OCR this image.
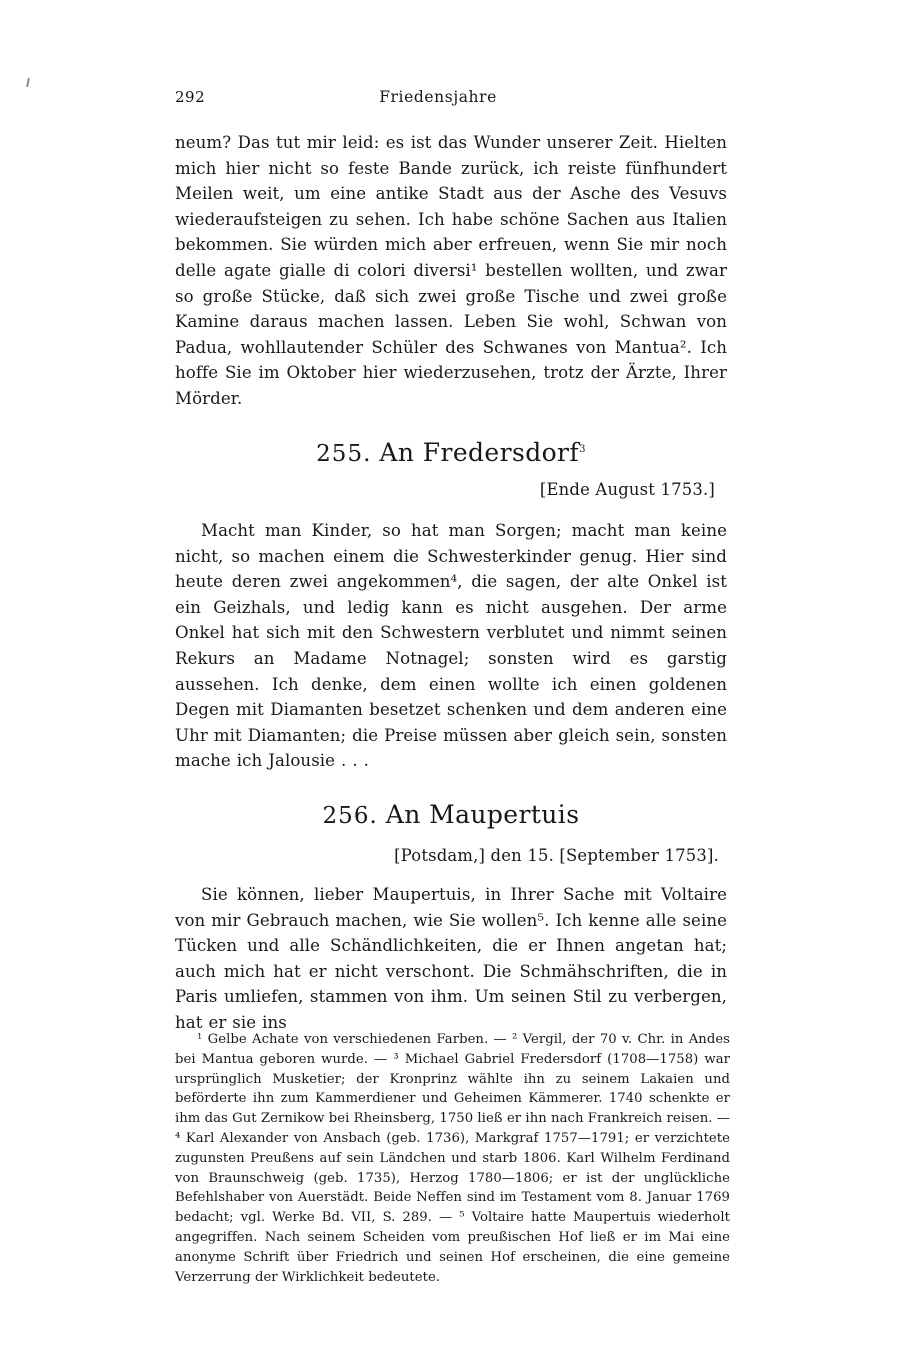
292	Friedensjahre

neum? Das tut mir leid: es ist das Wunder unserer Zeit. Hielten mich hier nicht so feste Bande zurück, ich reiste fünfhundert Meilen weit, um eine antike Stadt aus der Asche des Vesuvs wiederaufsteigen zu sehen. Ich habe schöne Sachen aus Italien bekommen. Sie würden mich aber erfreuen, wenn Sie mir noch delle agate gialle di colori diversi¹ bestellen wollten, und zwar so große Stücke, daß sich zwei große Tische und zwei große Kamine daraus machen lassen. Leben Sie wohl, Schwan von Padua, wohllautender Schüler des Schwanes von Mantua². Ich hoffe Sie im Oktober hier wiederzusehen, trotz der Ärzte, Ihrer Mörder.

255. An Fredersdorf$^3$

[Ende August 1753.]

Macht man Kinder, so hat man Sorgen; macht man keine nicht, so machen einem die Schwesterkinder genug. Hier sind heute deren zwei angekommen⁴, die sagen, der alte Onkel ist ein Geizhals, und ledig kann es nicht ausgehen. Der arme Onkel hat sich mit den Schwestern verblutet und nimmt seinen Rekurs an Madame Notnagel; sonsten wird es garstig aussehen. Ich denke, dem einen wollte ich einen goldenen Degen mit Diamanten besetzet schenken und dem anderen eine Uhr mit Diamanten; die Preise müssen aber gleich sein, sonsten mache ich Jalousie . . .

256. An Maupertuis

[Potsdam,] den 15. [September 1753].

Sie können, lieber Maupertuis, in Ihrer Sache mit Voltaire von mir Gebrauch machen, wie Sie wollen⁵. Ich kenne alle seine Tücken und alle Schändlichkeiten, die er Ihnen angetan hat; auch mich hat er nicht verschont. Die Schmähschriften, die in Paris umliefen, stammen von ihm. Um seinen Stil zu verbergen, hat er sie ins

¹ Gelbe Achate von verschiedenen Farben. — ² Vergil, der 70 v. Chr. in Andes bei Mantua geboren wurde. — ³ Michael Gabriel Fredersdorf (1708—1758) war ursprünglich Musketier; der Kronprinz wählte ihn zu seinem Lakaien und beförderte ihn zum Kammerdiener und Geheimen Kämmerer. 1740 schenkte er ihm das Gut Zernikow bei Rheinsberg, 1750 ließ er ihn nach Frankreich reisen. — ⁴ Karl Alexander von Ansbach (geb. 1736), Markgraf 1757—1791; er verzichtete zugunsten Preußens auf sein Ländchen und starb 1806. Karl Wilhelm Ferdinand von Braunschweig (geb. 1735), Herzog 1780—1806; er ist der unglückliche Befehlshaber von Auerstädt. Beide Neffen sind im Testament vom 8. Januar 1769 bedacht; vgl. Werke Bd. VII, S. 289. — ⁵ Voltaire hatte Maupertuis wiederholt angegriffen. Nach seinem Scheiden vom preußischen Hof ließ er im Mai eine anonyme Schrift über Friedrich und seinen Hof erscheinen, die eine gemeine Verzerrung der Wirklichkeit bedeutete.
